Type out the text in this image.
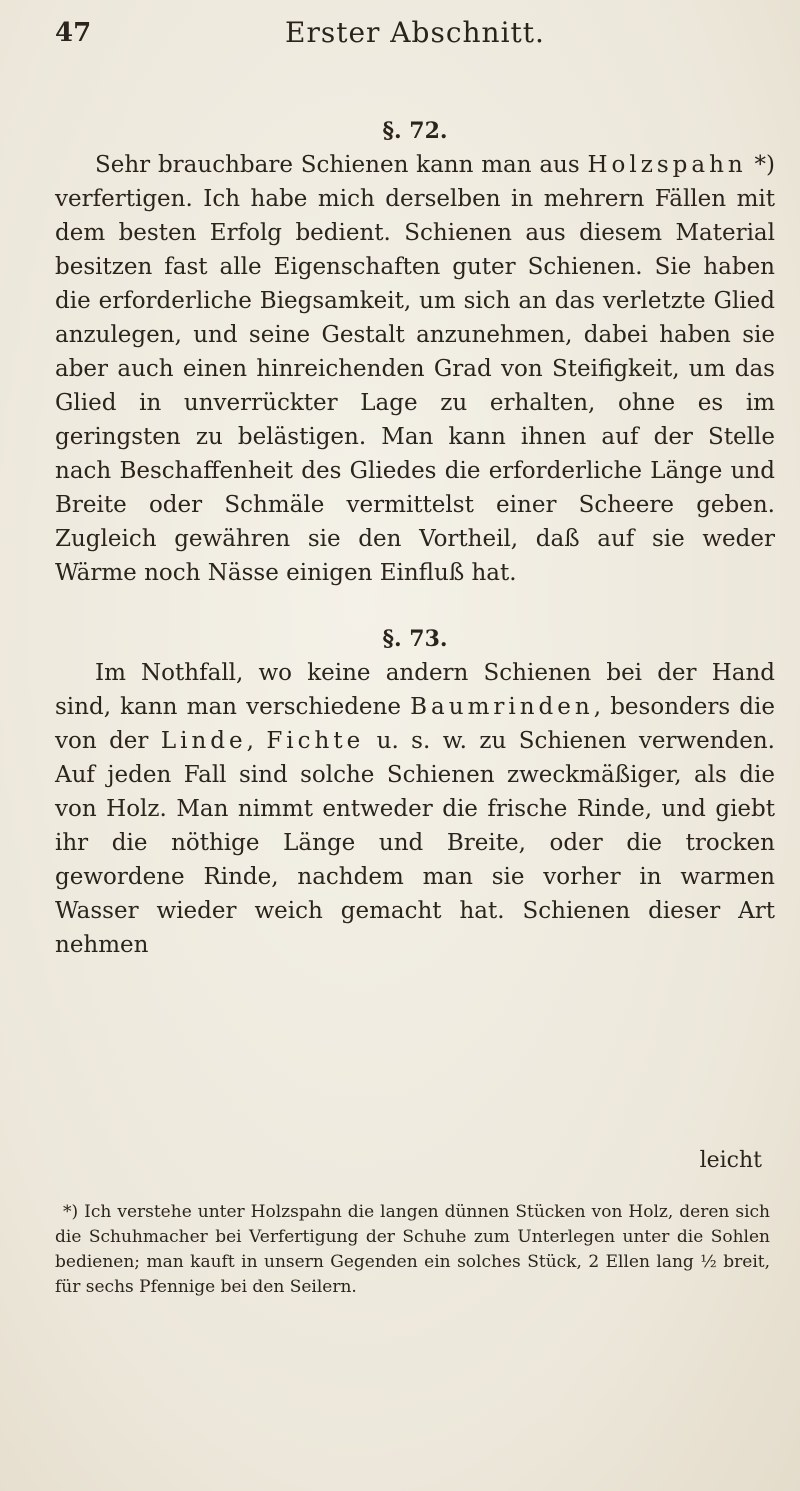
47	Erster Abschnitt.
§. 72.

Sehr brauchbare Schienen kann man aus Holzspahn *) verfertigen. Ich habe mich derselben in mehrern Fällen mit dem besten Erfolg bedient. Schienen aus diesem Material besitzen fast alle Eigenschaften guter Schienen. Sie haben die erforderliche Biegsamkeit, um sich an das verletzte Glied anzulegen, und seine Gestalt anzunehmen, dabei haben sie aber auch einen hinreichenden Grad von Steifigkeit, um das Glied in unverrückter Lage zu erhalten, ohne es im geringsten zu belästigen. Man kann ihnen auf der Stelle nach Beschaffenheit des Gliedes die erforderliche Länge und Breite oder Schmäle vermittelst einer Scheere geben. Zugleich gewähren sie den Vortheil, daß auf sie weder Wärme noch Nässe einigen Einfluß hat.

§. 73.

Im Nothfall, wo keine andern Schienen bei der Hand sind, kann man verschiedene Baumrinden, besonders die von der Linde, Fichte u. s. w. zu Schienen verwenden. Auf jeden Fall sind solche Schienen zweckmäßiger, als die von Holz. Man nimmt entweder die frische Rinde, und giebt ihr die nöthige Länge und Breite, oder die trocken gewordene Rinde, nachdem man sie vorher in warmen Wasser wieder weich gemacht hat. Schienen dieser Art nehmen

leicht
*) Ich verstehe unter Holzspahn die langen dünnen Stücken von Holz, deren sich die Schuhmacher bei Verfertigung der Schuhe zum Unterlegen unter die Sohlen bedienen; man kauft in unsern Gegenden ein solches Stück, 2 Ellen lang ½ breit, für sechs Pfennige bei den Seilern.
